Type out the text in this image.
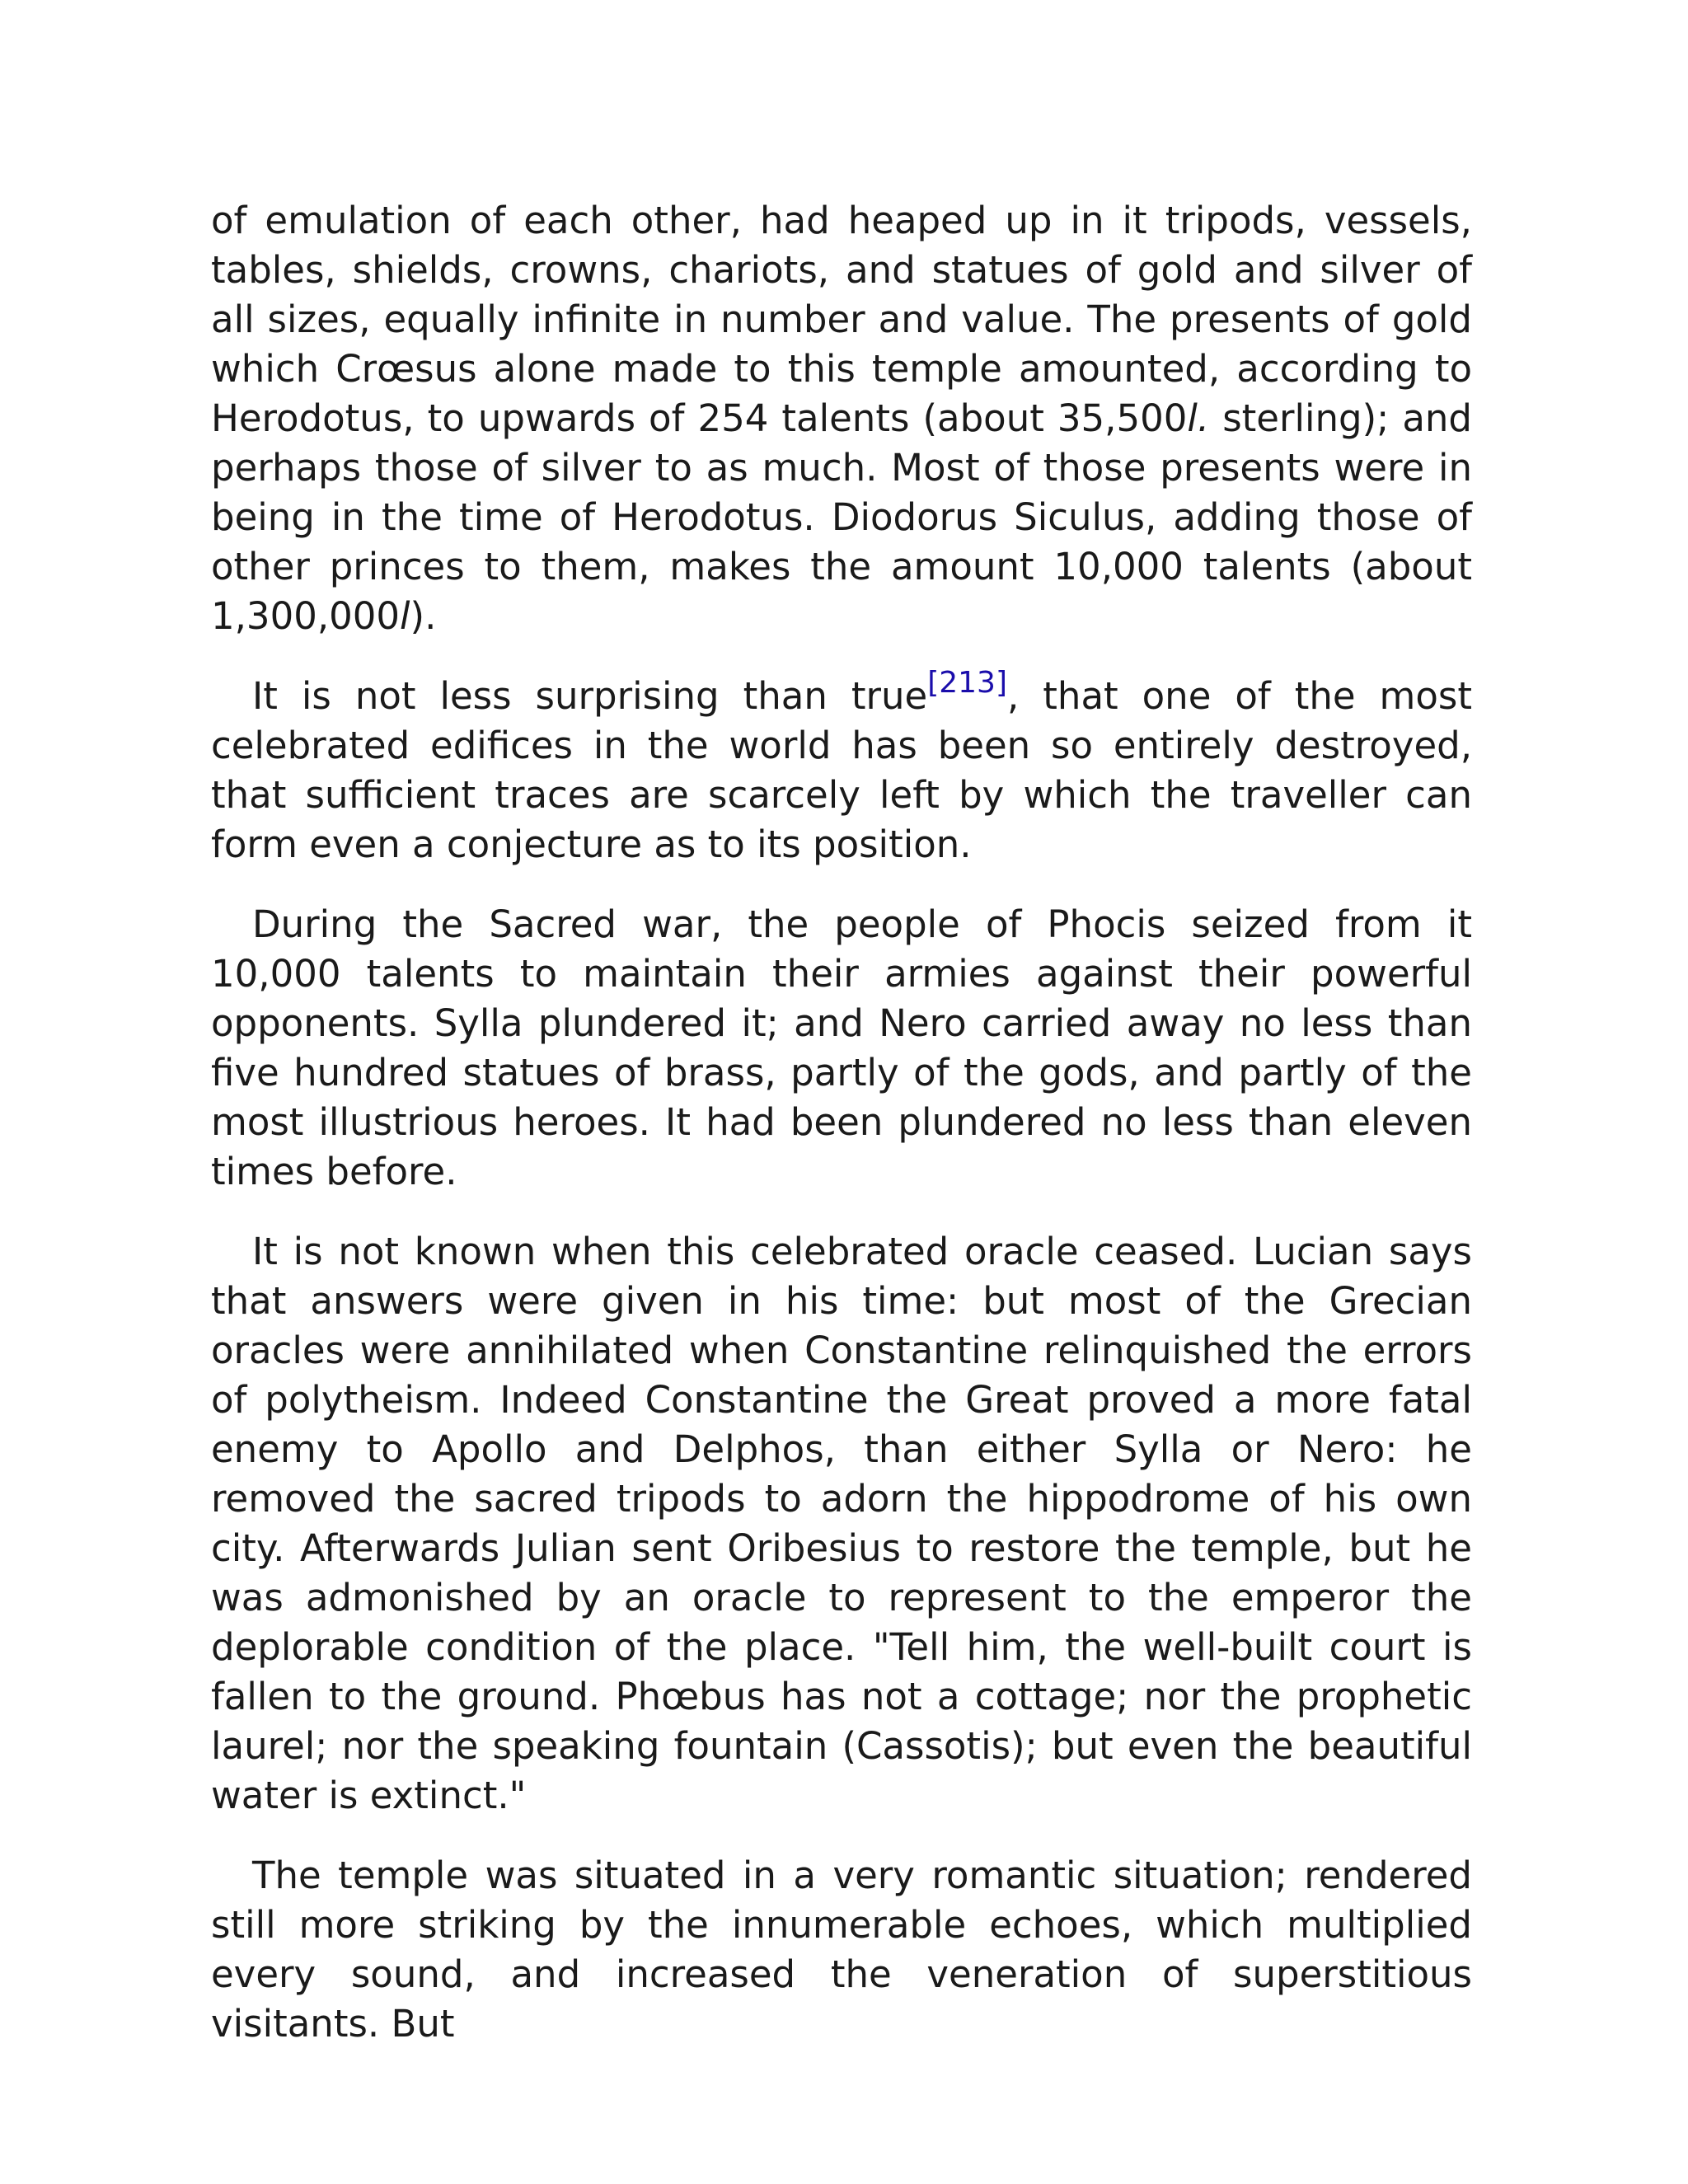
of emulation of each other, had heaped up in it tripods, vessels, tables, shields, crowns, chariots, and statues of gold and silver of all sizes, equally infinite in number and value. The presents of gold which Crœsus alone made to this temple amounted, according to Herodotus, to upwards of 254 talents (about 35,500l. sterling); and perhaps those of silver to as much. Most of those presents were in being in the time of Herodotus. Diodorus Siculus, adding those of other princes to them, makes the amount 10,000 talents (about 1,300,000l).

It is not less surprising than true[213], that one of the most celebrated edifices in the world has been so entirely destroyed, that sufficient traces are scarcely left by which the traveller can form even a conjecture as to its position.

During the Sacred war, the people of Phocis seized from it 10,000 talents to maintain their armies against their powerful opponents. Sylla plundered it; and Nero carried away no less than five hundred statues of brass, partly of the gods, and partly of the most illustrious heroes. It had been plundered no less than eleven times before.

It is not known when this celebrated oracle ceased. Lucian says that answers were given in his time: but most of the Grecian oracles were annihilated when Constantine relinquished the errors of polytheism. Indeed Constantine the Great proved a more fatal enemy to Apollo and Delphos, than either Sylla or Nero: he removed the sacred tripods to adorn the hippodrome of his own city. Afterwards Julian sent Oribesius to restore the temple, but he was admonished by an oracle to represent to the emperor the deplorable condition of the place. "Tell him, the well-built court is fallen to the ground. Phœbus has not a cottage; nor the prophetic laurel; nor the speaking fountain (Cassotis); but even the beautiful water is extinct."

The temple was situated in a very romantic situation; rendered still more striking by the innumerable echoes, which multiplied every sound, and increased the veneration of superstitious visitants. But
